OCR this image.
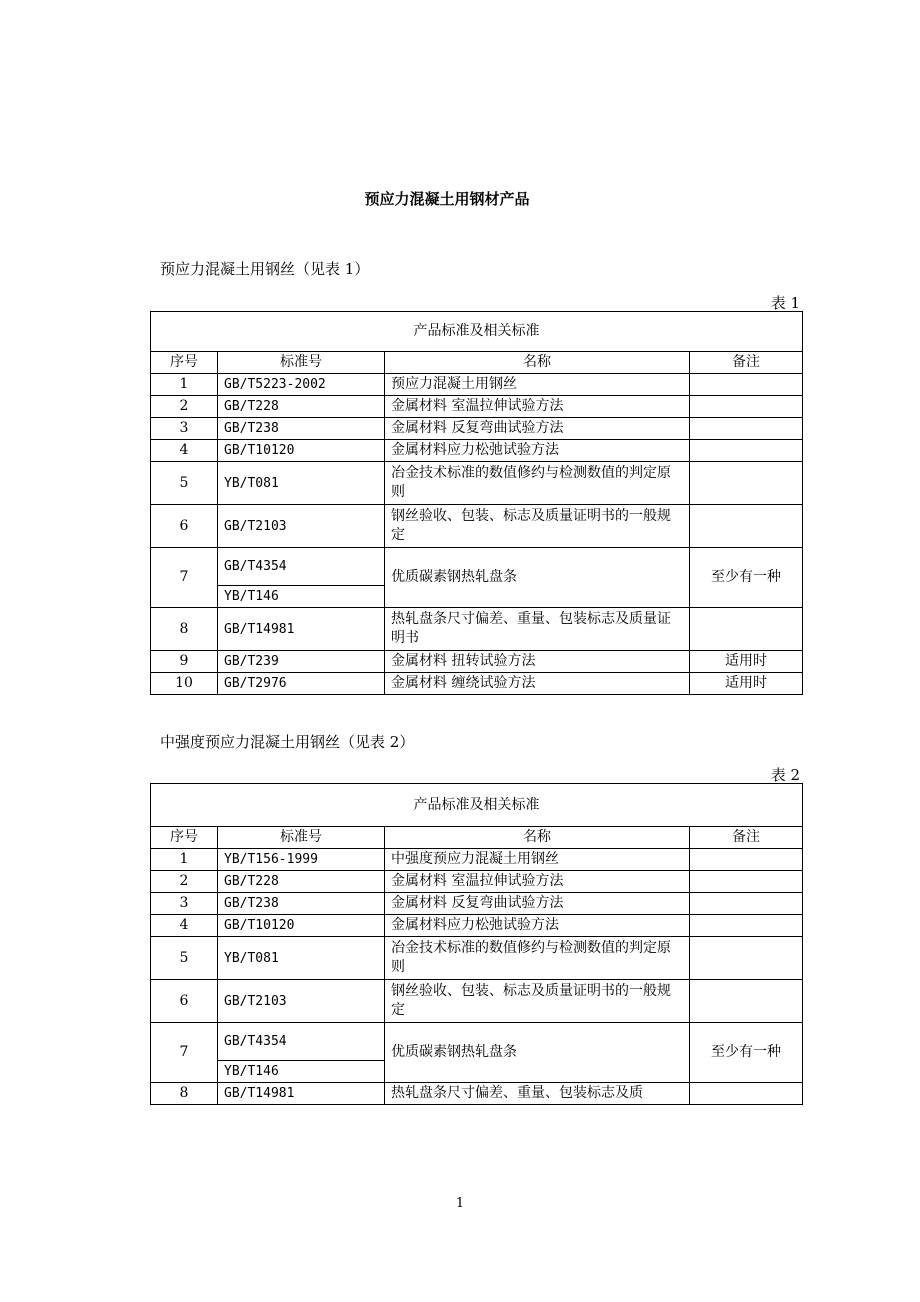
预应力混凝土用钢材产品
预应力混凝土用钢丝（见表 1）
表 1
产品标准及相关标准			
序号	标准号	名称	备注
1	GB/T5223-2002	预应力混凝土用钢丝	
2	GB/T228	金属材料 室温拉伸试验方法	
3	GB/T238	金属材料 反复弯曲试验方法	
4	GB/T10120	金属材料应力松弛试验方法	
5	YB/T081	冶金技术标准的数值修约与检测数值的判定原则	
6	GB/T2103	钢丝验收、包装、标志及质量证明书的一般规定	
7	GB/T4354	优质碳素钢热轧盘条	至少有一种
	YB/T146		
8	GB/T14981	热轧盘条尺寸偏差、重量、包装标志及质量证明书	
9	GB/T239	金属材料 扭转试验方法	适用时
10	GB/T2976	金属材料 缠绕试验方法	适用时
中强度预应力混凝土用钢丝（见表 2）
表 2
产品标准及相关标准			
序号	标准号	名称	备注
1	YB/T156-1999	中强度预应力混凝土用钢丝	
2	GB/T228	金属材料 室温拉伸试验方法	
3	GB/T238	金属材料 反复弯曲试验方法	
4	GB/T10120	金属材料应力松弛试验方法	
5	YB/T081	冶金技术标准的数值修约与检测数值的判定原则	
6	GB/T2103	钢丝验收、包装、标志及质量证明书的一般规定	
7	GB/T4354	优质碳素钢热轧盘条	至少有一种
	YB/T146		
8	GB/T14981	热轧盘条尺寸偏差、重量、包装标志及质	
1
